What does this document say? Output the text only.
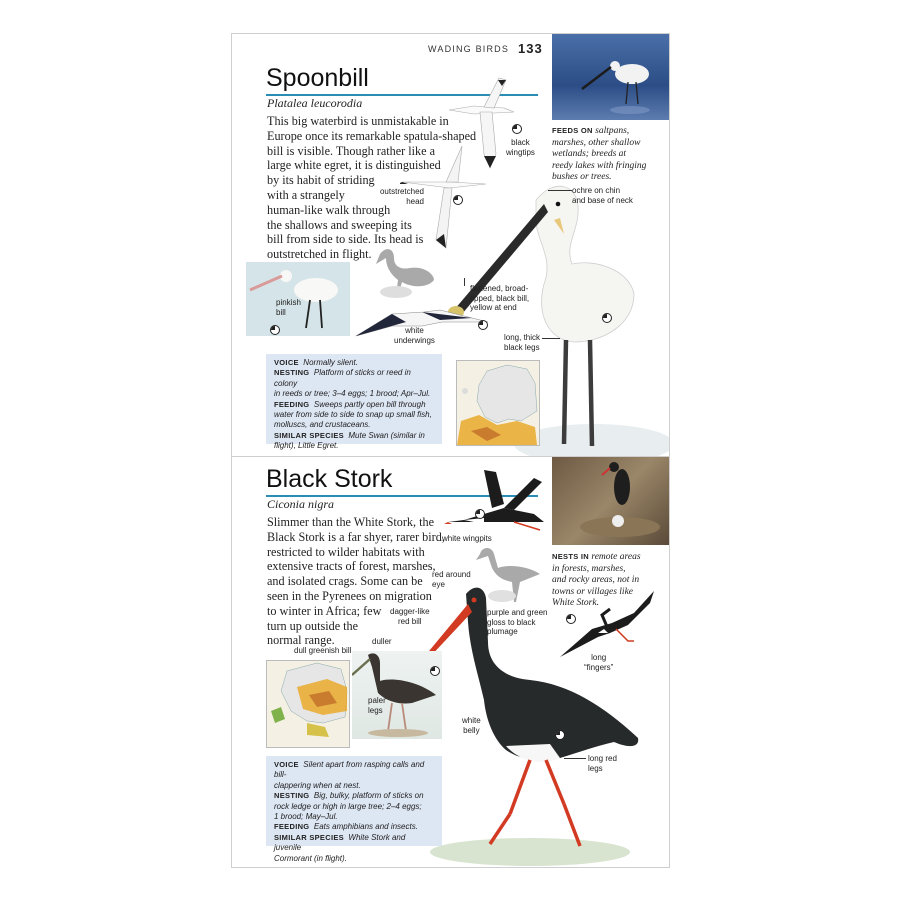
WADING BIRDS 133
Spoonbill
Platalea leucorodia
This big waterbird is unmistakable in
Europe once its remarkable spatula-shaped
bill is visible. Though rather like a
large white egret, it is distinguished
by its habit of striding
with a strangely
human-like walk through
the shallows and sweeping its
bill from side to side. Its head is
outstretched in flight.
FEEDS ON saltpans,
marshes, other shallow
wetlands; breeds at
reedy lakes with fringing
bushes or trees.
black
wingtips
outstretched
head
ochre on chin
and base of neck
flattened, broad-
tipped, black bill,
yellow at end
long, thick
black legs
pinkish
bill
white
underwings
VOICE Normally silent.
NESTING Platform of sticks or reed in colony
in reeds or tree; 3–4 eggs; 1 brood; Apr–Jul.
FEEDING Sweeps partly open bill through
water from side to side to snap up small fish,
molluscs, and crustaceans.
SIMILAR SPECIES Mute Swan (similar in
flight), Little Egret.
Black Stork
Ciconia nigra
Slimmer than the White Stork, the
Black Stork is a far shyer, rarer bird,
restricted to wilder habitats with
extensive tracts of forest, marshes,
and isolated crags. Some can be
seen in the Pyrenees on migration
to winter in Africa; few
turn up outside the
normal range.
NESTS IN remote areas
in forests, marshes,
and rocky areas, not in
towns or villages like
White Stork.
white wingpits
red around
eye
dagger-like
red bill
purple and green
gloss to black
plumage
long
“fingers”
white
belly
long red
legs
dull greenish bill
duller
paler
legs
VOICE Silent apart from rasping calls and bill-
clappering when at nest.
NESTING Big, bulky, platform of sticks on
rock ledge or high in large tree; 2–4 eggs;
1 brood; May–Jul.
FEEDING Eats amphibians and insects.
SIMILAR SPECIES White Stork and juvenile
Cormorant (in flight).
